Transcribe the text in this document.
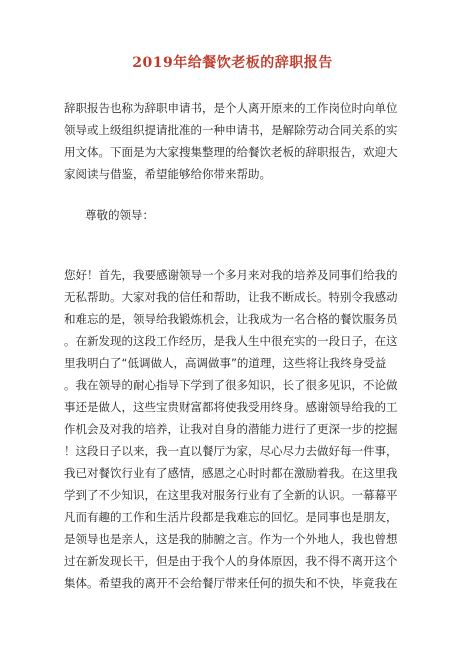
2019年给餐饮老板的辞职报告
辞职报告也称为辞职申请书，是个人离开原来的工作岗位时向单位
领导或上级组织提请批准的一种申请书，是解除劳动合同关系的实
用文体。下面是为大家搜集整理的给餐饮老板的辞职报告，欢迎大
家阅读与借鉴，希望能够给你带来帮助。
尊敬的领导：
您好！首先，我要感谢领导一个多月来对我的培养及同事们给我的
无私帮助。大家对我的信任和帮助，让我不断成长。特别令我感动
和难忘的是，领导给我锻炼机会，让我成为一名合格的餐饮服务员
。在新发现的这段工作经历，是我人生中很充实的一段日子，在这
里我明白了“低调做人，高调做事”的道理，这些将让我终身受益
。我在领导的耐心指导下学到了很多知识，长了很多见识，不论做
事还是做人，这些宝贵财富都将使我受用终身。感谢领导给我的工
作机会及对我的培养，让我对自身的潜能力进行了更深一步的挖掘
！这段日子以来，我一直以餐厅为家，尽心尽力去做好每一件事，
我已对餐饮行业有了感情，感恩之心时时都在激励着我。在这里我
学到了不少知识，在这里我对服务行业有了全新的认识。一幕幕平
凡而有趣的工作和生活片段都是我难忘的回忆。是同事也是朋友，
是领导也是亲人，这是我的肺腑之言。作为一个外地人，我也曾想
过在新发现长干，但是由于我个人的身体原因，我不得不离开这个
集体。希望我的离开不会给餐厅带来任何的损失和不快，毕竟我在
